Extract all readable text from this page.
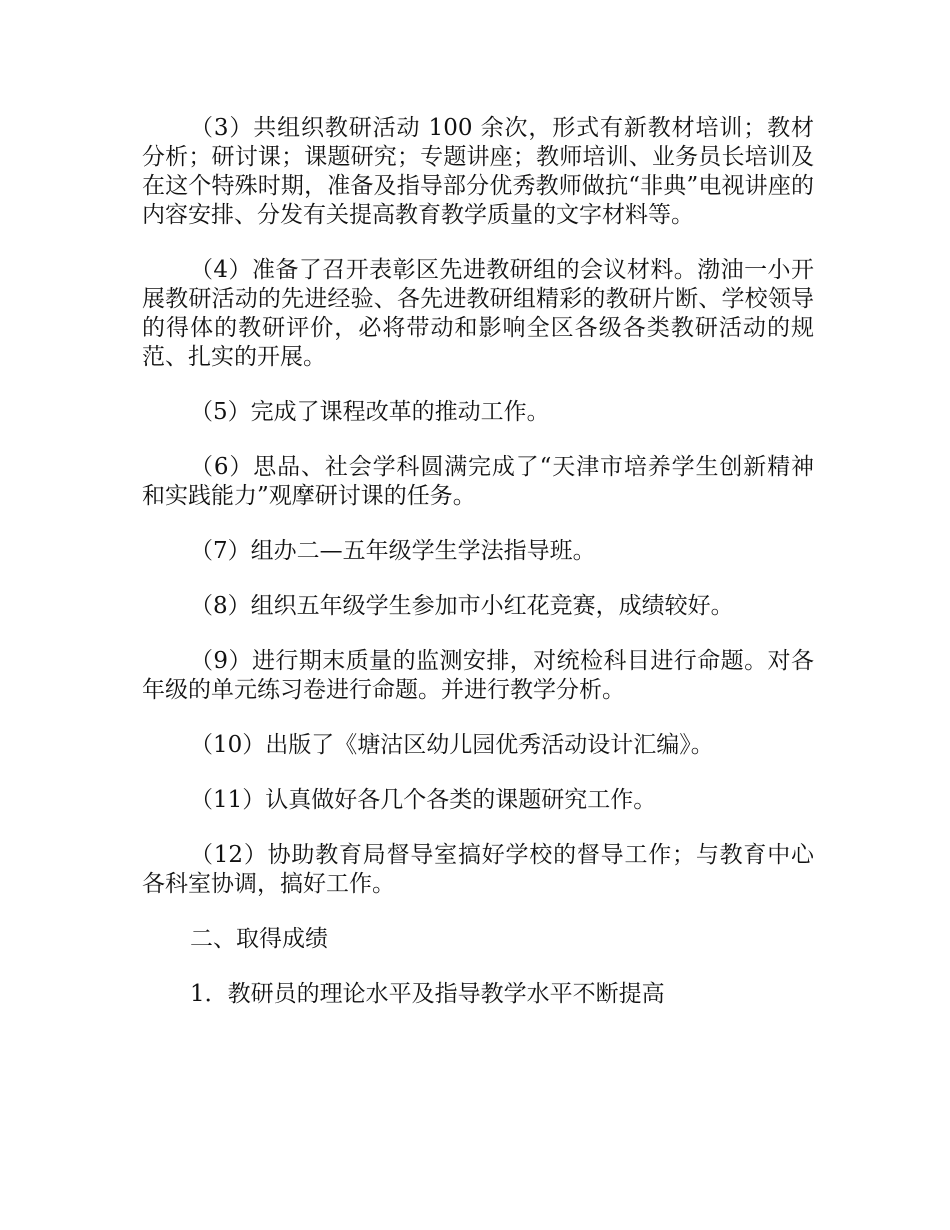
（3）共组织教研活动 100 余次，形式有新教材培训；教材分析；研讨课；课题研究；专题讲座；教师培训、业务员长培训及在这个特殊时期，准备及指导部分优秀教师做抗“非典”电视讲座的内容安排、分发有关提高教育教学质量的文字材料等。

（4）准备了召开表彰区先进教研组的会议材料。渤油一小开展教研活动的先进经验、各先进教研组精彩的教研片断、学校领导的得体的教研评价，必将带动和影响全区各级各类教研活动的规范、扎实的开展。

（5）完成了课程改革的推动工作。

（6）思品、社会学科圆满完成了“天津市培养学生创新精神和实践能力”观摩研讨课的任务。

（7）组办二—五年级学生学法指导班。

（8）组织五年级学生参加市小红花竞赛，成绩较好。

（9）进行期末质量的监测安排，对统检科目进行命题。对各年级的单元练习卷进行命题。并进行教学分析。

（10）出版了《塘沽区幼儿园优秀活动设计汇编》。

（11）认真做好各几个各类的课题研究工作。

（12）协助教育局督导室搞好学校的督导工作；与教育中心各科室协调，搞好工作。

二、取得成绩

1．教研员的理论水平及指导教学水平不断提高
